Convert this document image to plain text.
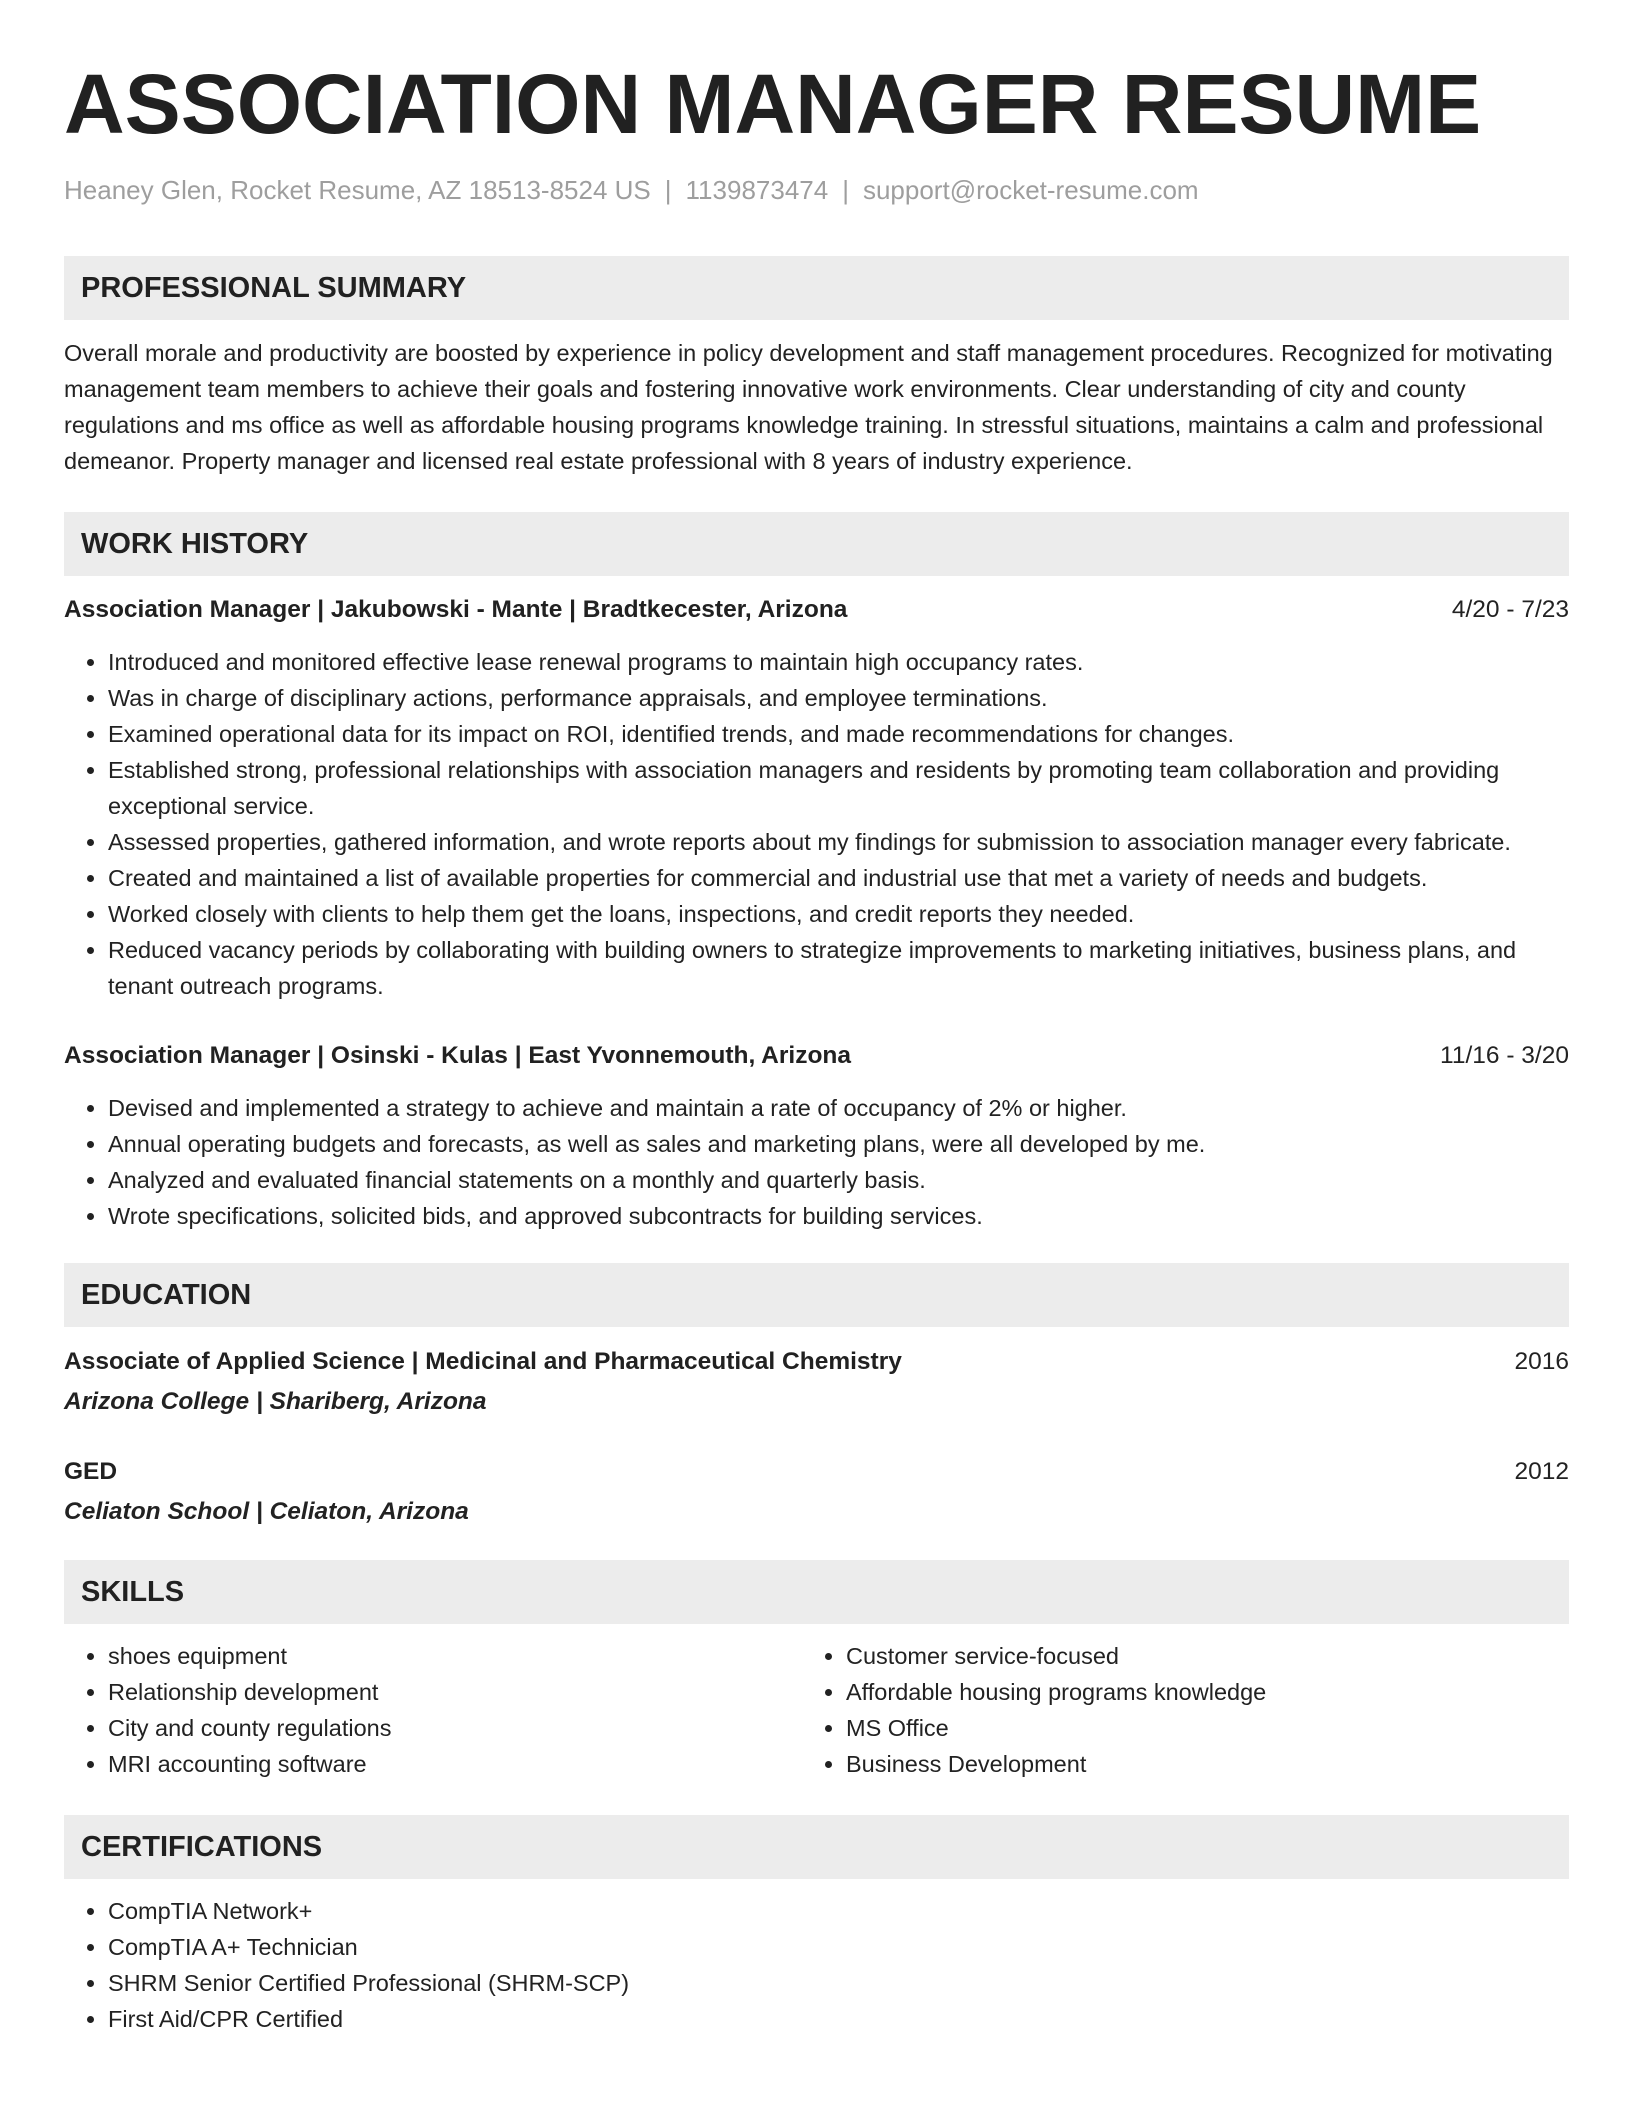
ASSOCIATION MANAGER RESUME
Heaney Glen, Rocket Resume, AZ 18513-8524 US | 1139873474 | support@rocket-resume.com
PROFESSIONAL SUMMARY
Overall morale and productivity are boosted by experience in policy development and staff management procedures. Recognized for motivating management team members to achieve their goals and fostering innovative work environments. Clear understanding of city and county regulations and ms office as well as affordable housing programs knowledge training. In stressful situations, maintains a calm and professional demeanor. Property manager and licensed real estate professional with 8 years of industry experience.
WORK HISTORY
Association Manager | Jakubowski - Mante | Bradtkecester, Arizona	4/20 - 7/23
• Introduced and monitored effective lease renewal programs to maintain high occupancy rates.
• Was in charge of disciplinary actions, performance appraisals, and employee terminations.
• Examined operational data for its impact on ROI, identified trends, and made recommendations for changes.
• Established strong, professional relationships with association managers and residents by promoting team collaboration and providing exceptional service.
• Assessed properties, gathered information, and wrote reports about my findings for submission to association manager every fabricate.
• Created and maintained a list of available properties for commercial and industrial use that met a variety of needs and budgets.
• Worked closely with clients to help them get the loans, inspections, and credit reports they needed.
• Reduced vacancy periods by collaborating with building owners to strategize improvements to marketing initiatives, business plans, and tenant outreach programs.
Association Manager | Osinski - Kulas | East Yvonnemouth, Arizona	11/16 - 3/20
• Devised and implemented a strategy to achieve and maintain a rate of occupancy of 2% or higher.
• Annual operating budgets and forecasts, as well as sales and marketing plans, were all developed by me.
• Analyzed and evaluated financial statements on a monthly and quarterly basis.
• Wrote specifications, solicited bids, and approved subcontracts for building services.
EDUCATION
Associate of Applied Science | Medicinal and Pharmaceutical Chemistry	2016
Arizona College | Shariberg, Arizona
GED	2012
Celiaton School | Celiaton, Arizona
SKILLS
• shoes equipment
• Relationship development
• City and county regulations
• MRI accounting software
• Customer service-focused
• Affordable housing programs knowledge
• MS Office
• Business Development
CERTIFICATIONS
• CompTIA Network+
• CompTIA A+ Technician
• SHRM Senior Certified Professional (SHRM-SCP)
• First Aid/CPR Certified
